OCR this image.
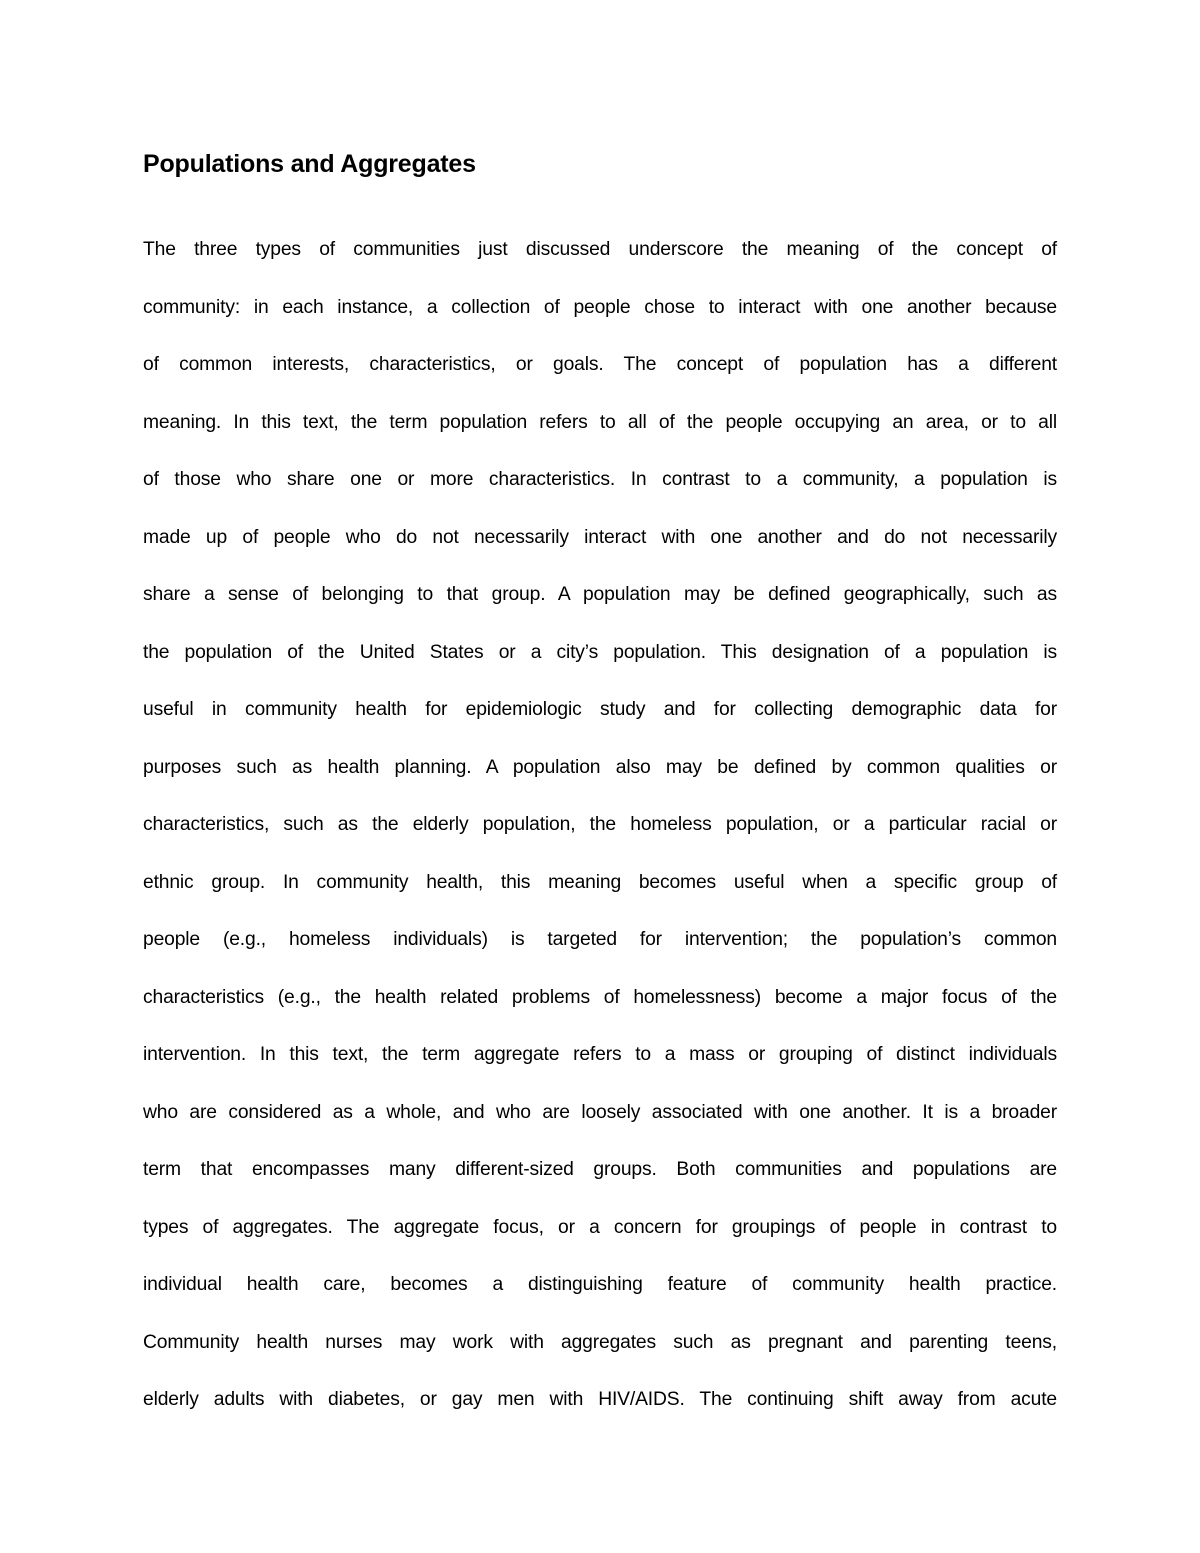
Populations and Aggregates
The three types of communities just discussed underscore the meaning of the concept of
community: in each instance, a collection of people chose to interact with one another because
of common interests, characteristics, or goals. The concept of population has a different
meaning. In this text, the term population refers to all of the people occupying an area, or to all
of those who share one or more characteristics. In contrast to a community, a population is
made up of people who do not necessarily interact with one another and do not necessarily
share a sense of belonging to that group. A population may be defined geographically, such as
the population of the United States or a city’s population. This designation of a population is
useful in community health for epidemiologic study and for collecting demographic data for
purposes such as health planning. A population also may be defined by common qualities or
characteristics, such as the elderly population, the homeless population, or a particular racial or
ethnic group. In community health, this meaning becomes useful when a specific group of
people (e.g., homeless individuals) is targeted for intervention; the population’s common
characteristics (e.g., the health related problems of homelessness) become a major focus of the
intervention. In this text, the term aggregate refers to a mass or grouping of distinct individuals
who are considered as a whole, and who are loosely associated with one another. It is a broader
term that encompasses many different-sized groups. Both communities and populations are
types of aggregates. The aggregate focus, or a concern for groupings of people in contrast to
individual health care, becomes a distinguishing feature of community health practice.
Community health nurses may work with aggregates such as pregnant and parenting teens,
elderly adults with diabetes, or gay men with HIV/AIDS. The continuing shift away from acute
